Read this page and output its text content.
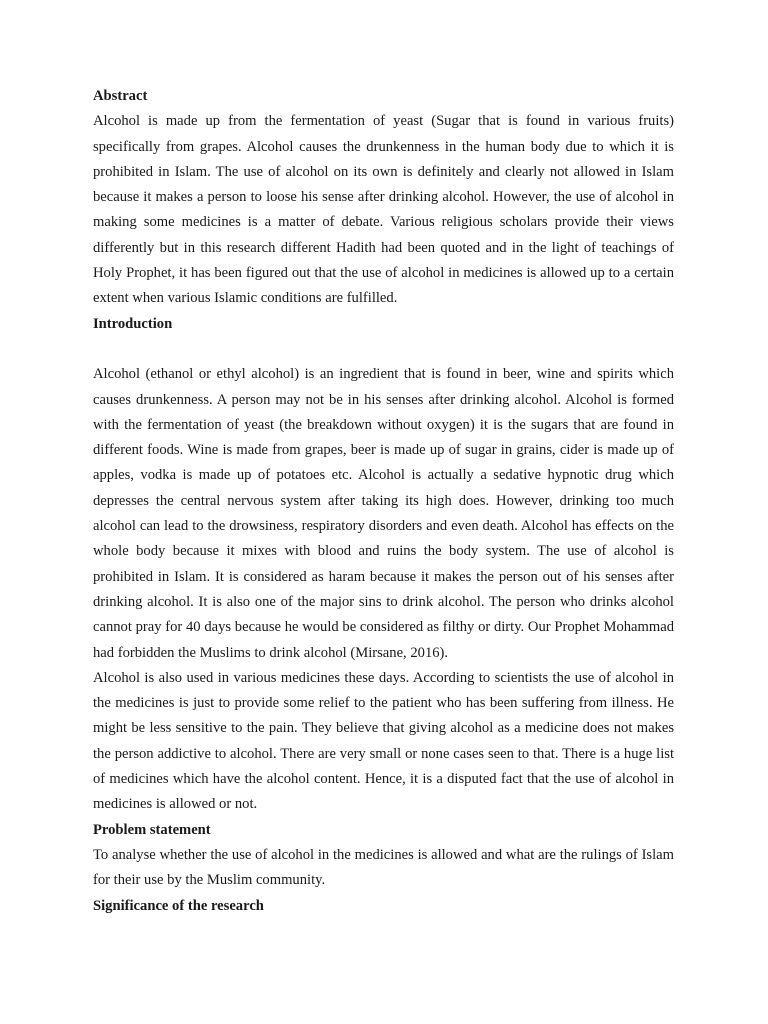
Abstract

Alcohol is made up from the fermentation of yeast (Sugar that is found in various fruits) specifically from grapes. Alcohol causes the drunkenness in the human body due to which it is prohibited in Islam. The use of alcohol on its own is definitely and clearly not allowed in Islam because it makes a person to loose his sense after drinking alcohol. However, the use of alcohol in making some medicines is a matter of debate. Various religious scholars provide their views differently but in this research different Hadith had been quoted and in the light of teachings of Holy Prophet, it has been figured out that the use of alcohol in medicines is allowed up to a certain extent when various Islamic conditions are fulfilled.

Introduction

Alcohol (ethanol or ethyl alcohol) is an ingredient that is found in beer, wine and spirits which causes drunkenness. A person may not be in his senses after drinking alcohol. Alcohol is formed with the fermentation of yeast (the breakdown without oxygen) it is the sugars that are found in different foods. Wine is made from grapes, beer is made up of sugar in grains, cider is made up of apples, vodka is made up of potatoes etc. Alcohol is actually a sedative hypnotic drug which depresses the central nervous system after taking its high does. However, drinking too much alcohol can lead to the drowsiness, respiratory disorders and even death. Alcohol has effects on the whole body because it mixes with blood and ruins the body system. The use of alcohol is prohibited in Islam. It is considered as haram because it makes the person out of his senses after drinking alcohol. It is also one of the major sins to drink alcohol. The person who drinks alcohol cannot pray for 40 days because he would be considered as filthy or dirty. Our Prophet Mohammad had forbidden the Muslims to drink alcohol (Mirsane, 2016).

Alcohol is also used in various medicines these days. According to scientists the use of alcohol in the medicines is just to provide some relief to the patient who has been suffering from illness. He might be less sensitive to the pain. They believe that giving alcohol as a medicine does not makes the person addictive to alcohol. There are very small or none cases seen to that. There is a huge list of medicines which have the alcohol content. Hence, it is a disputed fact that the use of alcohol in medicines is allowed or not.

Problem statement

To analyse whether the use of alcohol in the medicines is allowed and what are the rulings of Islam for their use by the Muslim community.

Significance of the research
